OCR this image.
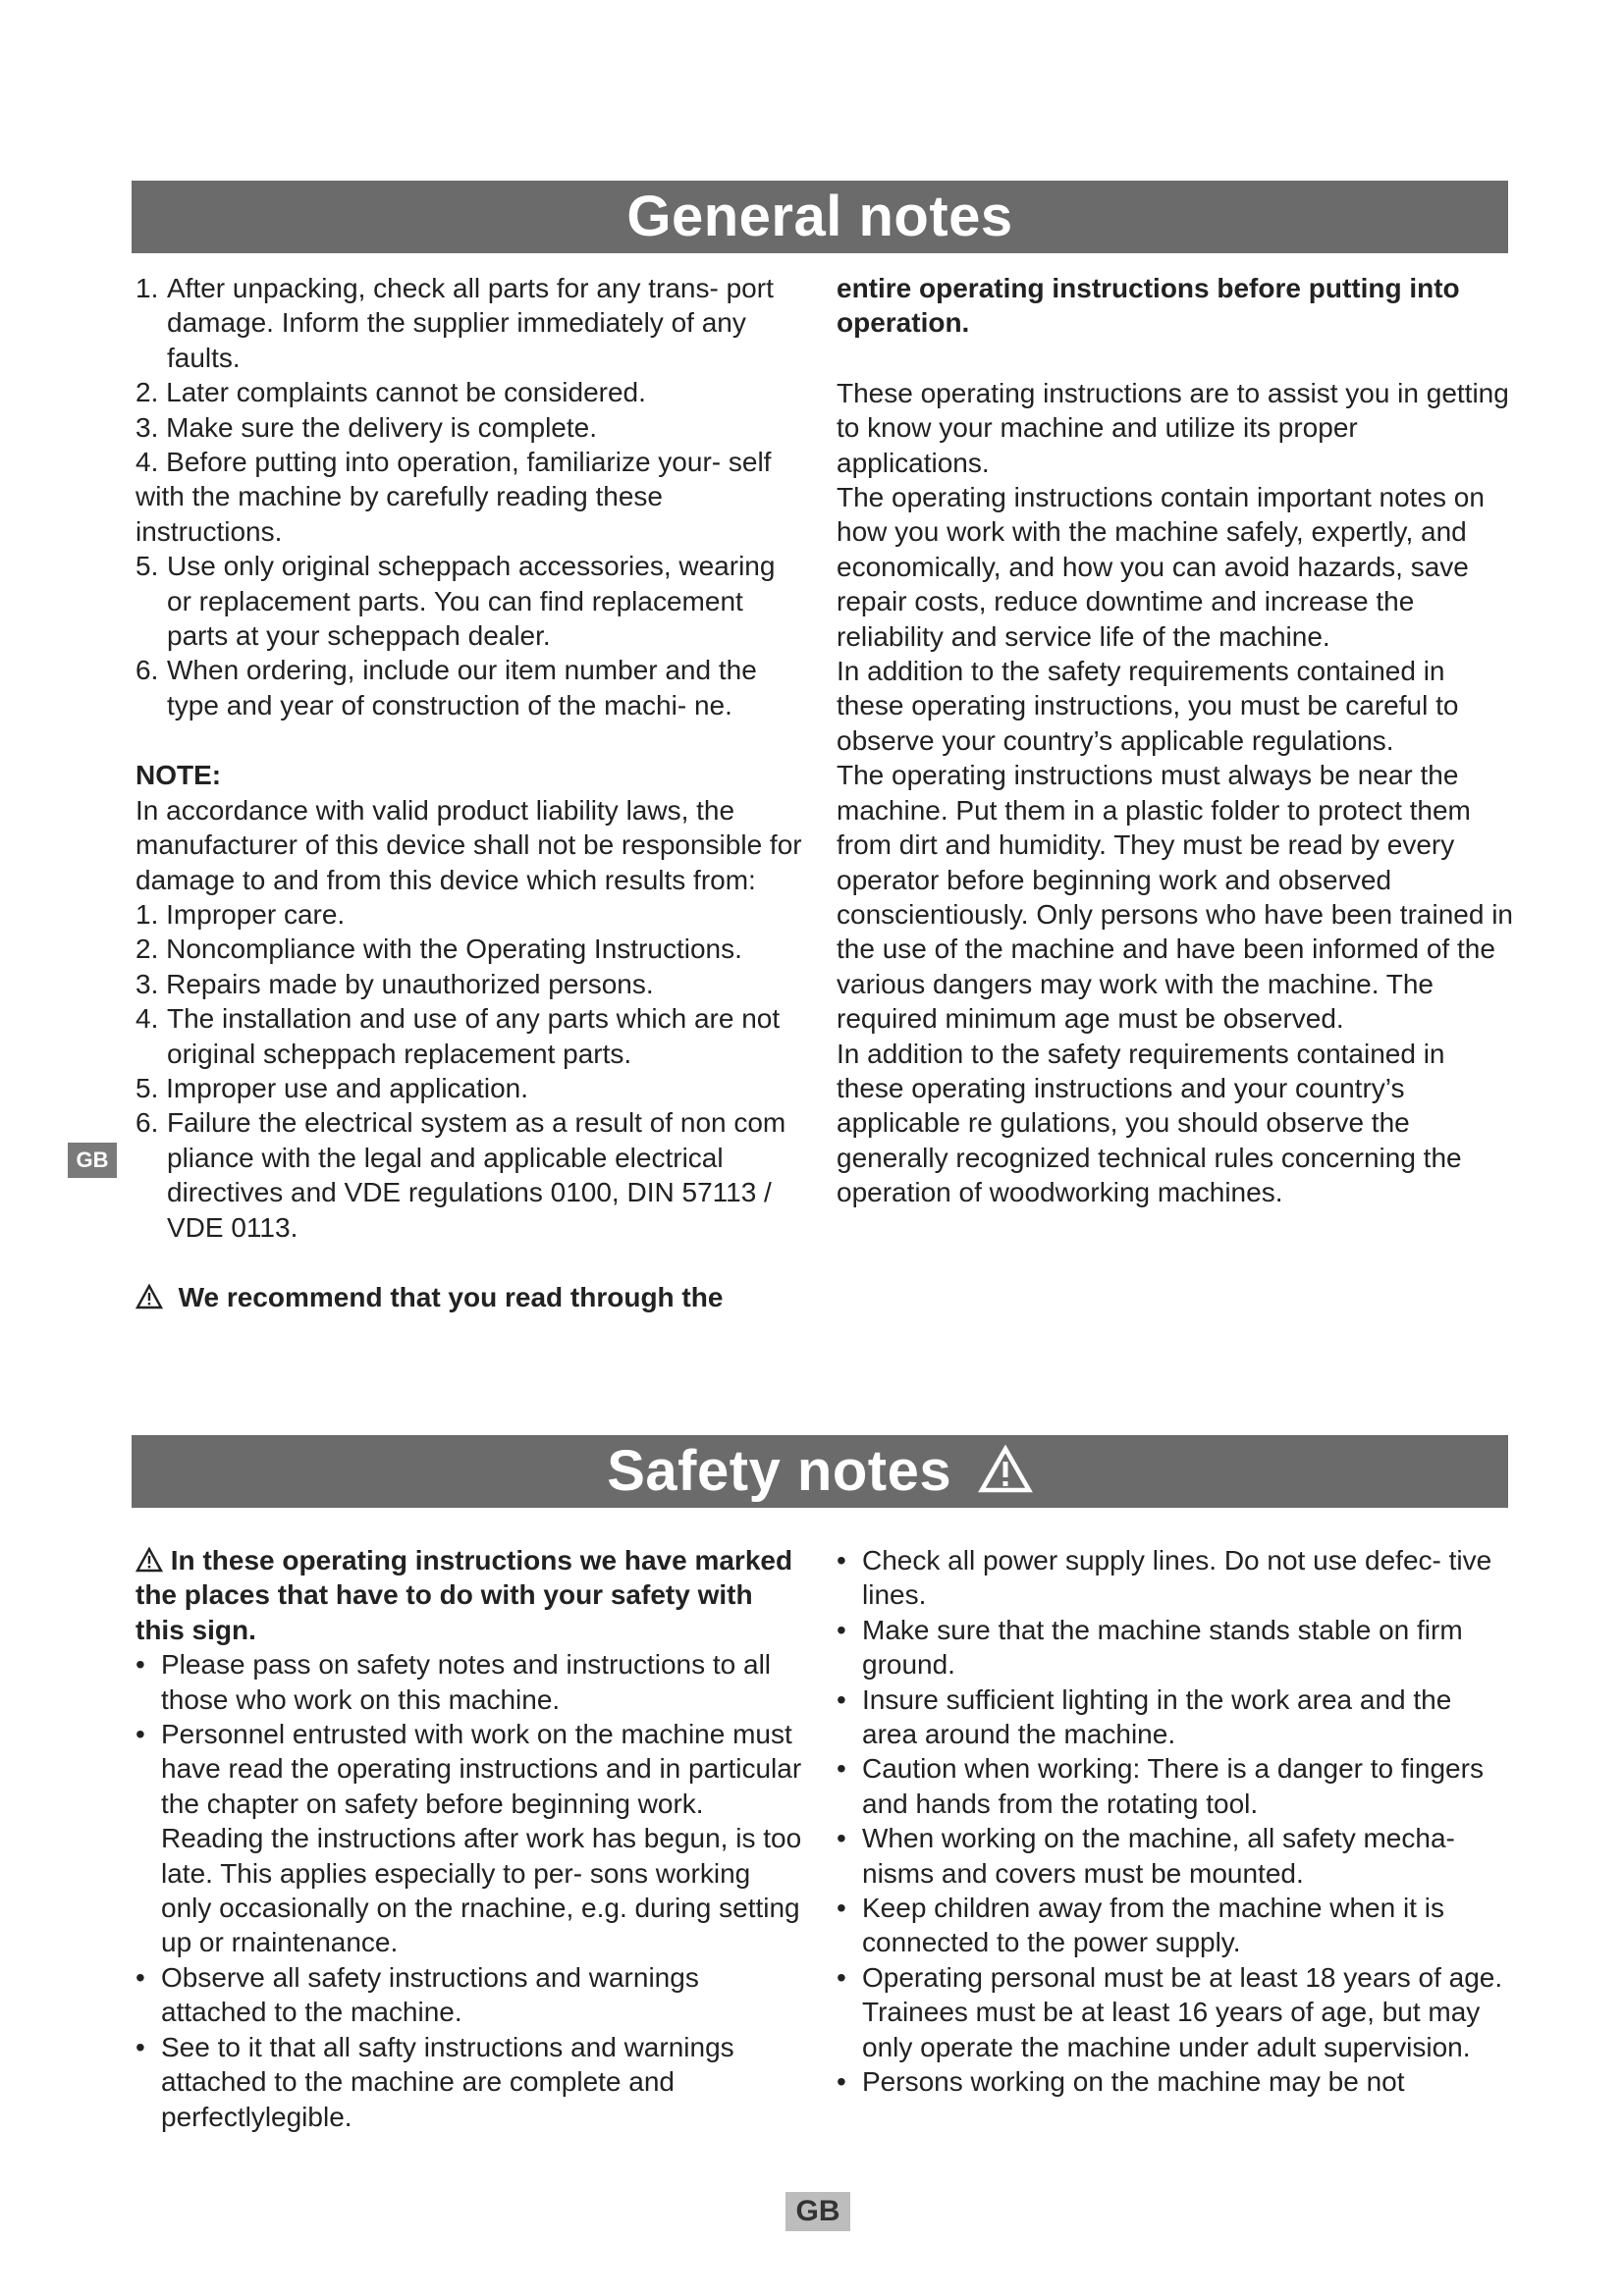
General notes

1. After unpacking, check all parts for any trans- port damage. Inform the supplier immediately of any faults.

2. Later complaints cannot be considered.

3. Make sure the delivery is complete.

4. Before putting into operation, familiarize your- self with the machine by carefully reading these instructions.

5. Use only original scheppach accessories, wearing or replacement parts. You can find replacement parts at your scheppach dealer.

6. When ordering, include our item number and the type and year of construction of the machi- ne.

NOTE:

In accordance with valid product liability laws, the manufacturer of this device shall not be responsible for damage to and from this device which results from:

1. Improper care.

2. Noncompliance with the Operating Instructions.

3. Repairs made by unauthorized persons.

4. The installation and use of any parts which are not original scheppach replacement parts.

5. Improper use and application.

6. Failure the electrical system as a result of non com pliance with the legal and applicable electrical directives and VDE regulations 0100, DIN 57113 / VDE 0113.

We recommend that you read through the

entire operating instructions before putting into operation.

These operating instructions are to assist you in getting to know your machine and utilize its proper applications.

The operating instructions contain important notes on how you work with the machine safely, expertly, and economically, and how you can avoid hazards, save repair costs, reduce downtime and increase the reliability and service life of the machine.

In addition to the safety requirements contained in these operating instructions, you must be careful to observe your country’s applicable regulations.

The operating instructions must always be near the machine. Put them in a plastic folder to protect them from dirt and humidity. They must be read by every operator before beginning work and observed conscientiously. Only persons who have been trained in the use of the machine and have been informed of the various dangers may work with the machine. The required minimum age must be observed.

In addition to the safety requirements contained in these operating instructions and your country’s applicable re gulations, you should observe the generally recognized technical rules concerning the operation of woodworking machines.

GB
Safety notes

In these operating instructions we have marked the places that have to do with your safety with this sign.

• Please pass on safety notes and instructions to all those who work on this machine.

• Personnel entrusted with work on the machine must have read the operating instructions and in particular the chapter on safety before beginning work. Reading the instructions after work has begun, is too late. This applies especially to per- sons working only occasionally on the rnachine, e.g. during setting up or rnaintenance.

• Observe all safety instructions and warnings attached to the machine.

• See to it that all safty instructions and warnings attached to the machine are complete and perfectlylegible.

• Check all power supply lines. Do not use defec- tive lines.

• Make sure that the machine stands stable on firm ground.

• Insure sufficient lighting in the work area and the area around the machine.

• Caution when working: There is a danger to fingers and hands from the rotating tool.

• When working on the machine, all safety mecha- nisms and covers must be mounted.

• Keep children away from the machine when it is connected to the power supply.

• Operating personal must be at least 18 years of age. Trainees must be at least 16 years of age, but may only operate the machine under adult supervision.

• Persons working on the machine may be not

GB
